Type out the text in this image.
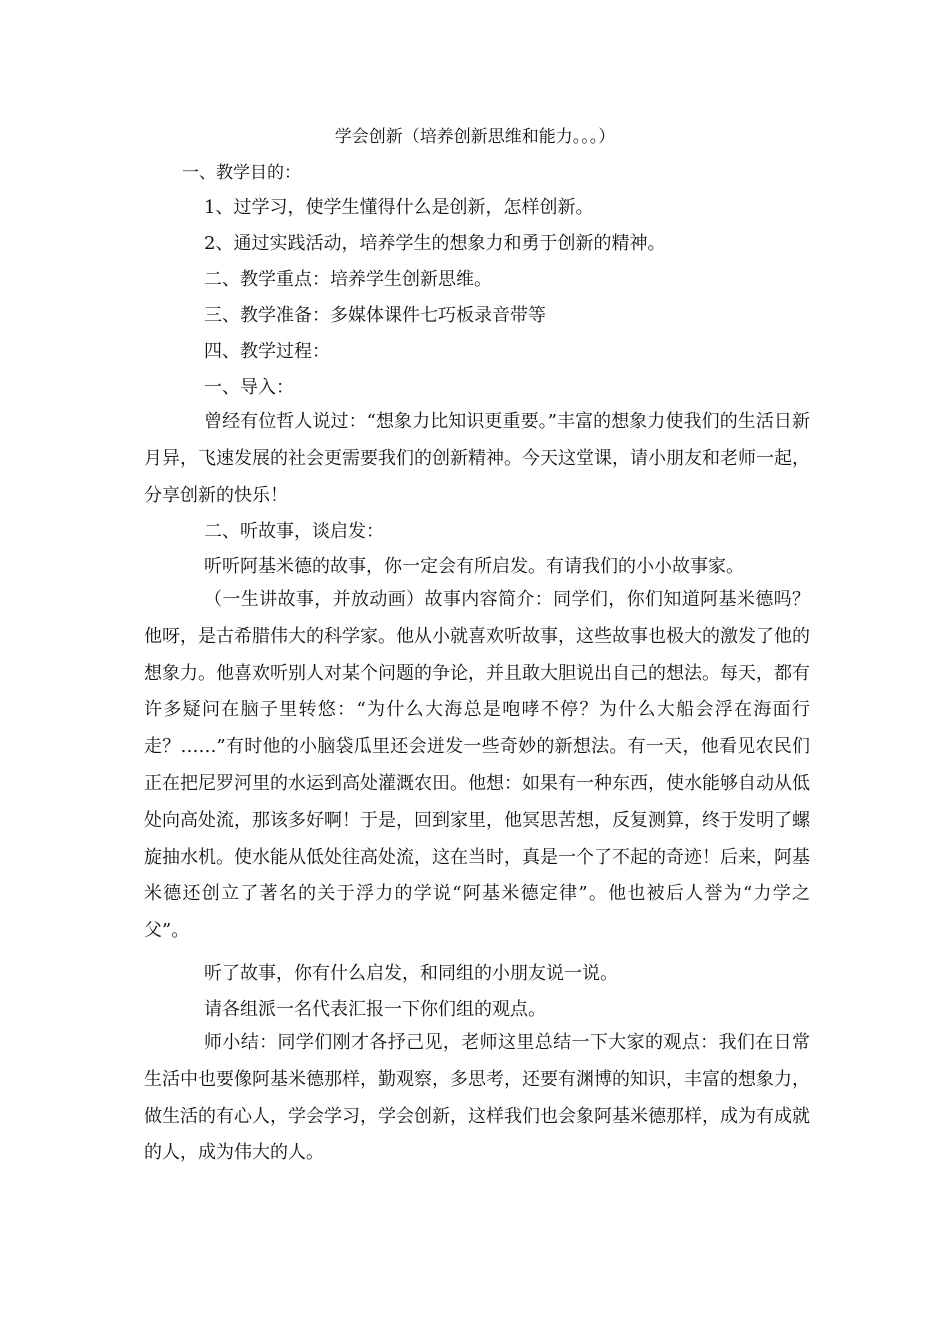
学会创新（培养创新思维和能力。。。）
一、教学目的：
1、过学习，使学生懂得什么是创新，怎样创新。
2、通过实践活动，培养学生的想象力和勇于创新的精神。
二、教学重点：培养学生创新思维。
三、教学准备：多媒体课件七巧板录音带等
四、教学过程：
一、导入：

曾经有位哲人说过：“想象力比知识更重要。”丰富的想象力使我们的生活日新月异，飞速发展的社会更需要我们的创新精神。今天这堂课，请小朋友和老师一起，分享创新的快乐！

二、听故事，谈启发：
听听阿基米德的故事，你一定会有所启发。有请我们的小小故事家。

（一生讲故事，并放动画）故事内容简介：同学们，你们知道阿基米德吗？他呀，是古希腊伟大的科学家。他从小就喜欢听故事，这些故事也极大的激发了他的想象力。他喜欢听别人对某个问题的争论，并且敢大胆说出自己的想法。每天，都有许多疑问在脑子里转悠：“为什么大海总是咆哮不停？为什么大船会浮在海面行走？……”有时他的小脑袋瓜里还会迸发一些奇妙的新想法。有一天，他看见农民们正在把尼罗河里的水运到高处灌溉农田。他想：如果有一种东西，使水能够自动从低处向高处流，那该多好啊！于是，回到家里，他冥思苦想，反复测算，终于发明了螺旋抽水机。使水能从低处往高处流，这在当时，真是一个了不起的奇迹！后来，阿基米德还创立了著名的关于浮力的学说“阿基米德定律”。他也被后人誉为“力学之父”。

听了故事，你有什么启发，和同组的小朋友说一说。
请各组派一名代表汇报一下你们组的观点。

师小结：同学们刚才各抒己见，老师这里总结一下大家的观点：我们在日常生活中也要像阿基米德那样，勤观察，多思考，还要有渊博的知识，丰富的想象力，做生活的有心人，学会学习，学会创新，这样我们也会象阿基米德那样，成为有成就的人，成为伟大的人。
